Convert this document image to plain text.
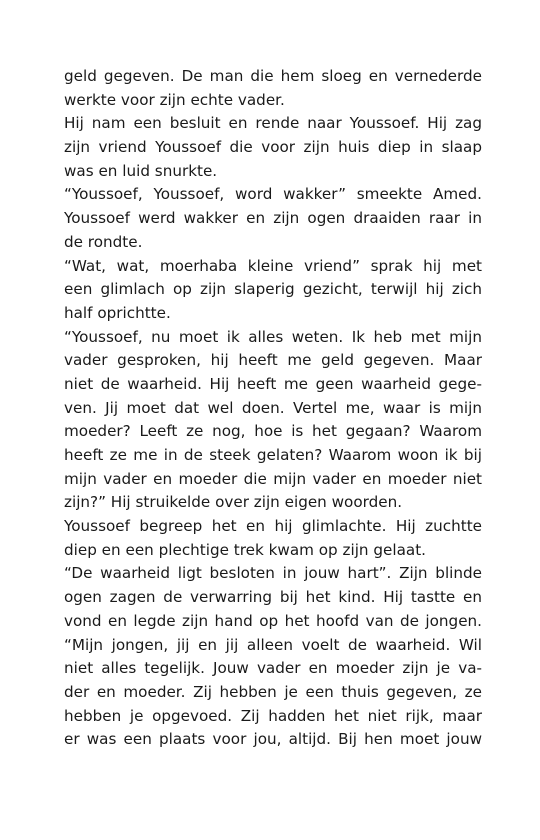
geld gegeven. De man die hem sloeg en vernederde
werkte voor zijn echte vader.
Hij nam een besluit en rende naar Youssoef. Hij zag
zijn vriend Youssoef die voor zijn huis diep in slaap
was en luid snurkte.
“Youssoef, Youssoef, word wakker” smeekte Amed.
Youssoef werd wakker en zijn ogen draaiden raar in
de rondte.
“Wat, wat, moerhaba kleine vriend” sprak hij met
een glimlach op zijn slaperig gezicht, terwijl hij zich
half oprichtte.
“Youssoef, nu moet ik alles weten. Ik heb met mijn
vader gesproken, hij heeft me geld gegeven. Maar
niet de waarheid. Hij heeft me geen waarheid gege-
ven. Jij moet dat wel doen. Vertel me, waar is mijn
moeder? Leeft ze nog, hoe is het gegaan? Waarom
heeft ze me in de steek gelaten? Waarom woon ik bij
mijn vader en moeder die mijn vader en moeder niet
zijn?” Hij struikelde over zijn eigen woorden.
Youssoef begreep het en hij glimlachte. Hij zuchtte
diep en een plechtige trek kwam op zijn gelaat.
“De waarheid ligt besloten in jouw hart”. Zijn blinde
ogen zagen de verwarring bij het kind. Hij tastte en
vond en legde zijn hand op het hoofd van de jongen.
“Mijn jongen, jij en jij alleen voelt de waarheid. Wil
niet alles tegelijk. Jouw vader en moeder zijn je va-
der en moeder. Zij hebben je een thuis gegeven, ze
hebben je opgevoed. Zij hadden het niet rijk, maar
er was een plaats voor jou, altijd. Bij hen moet jouw
